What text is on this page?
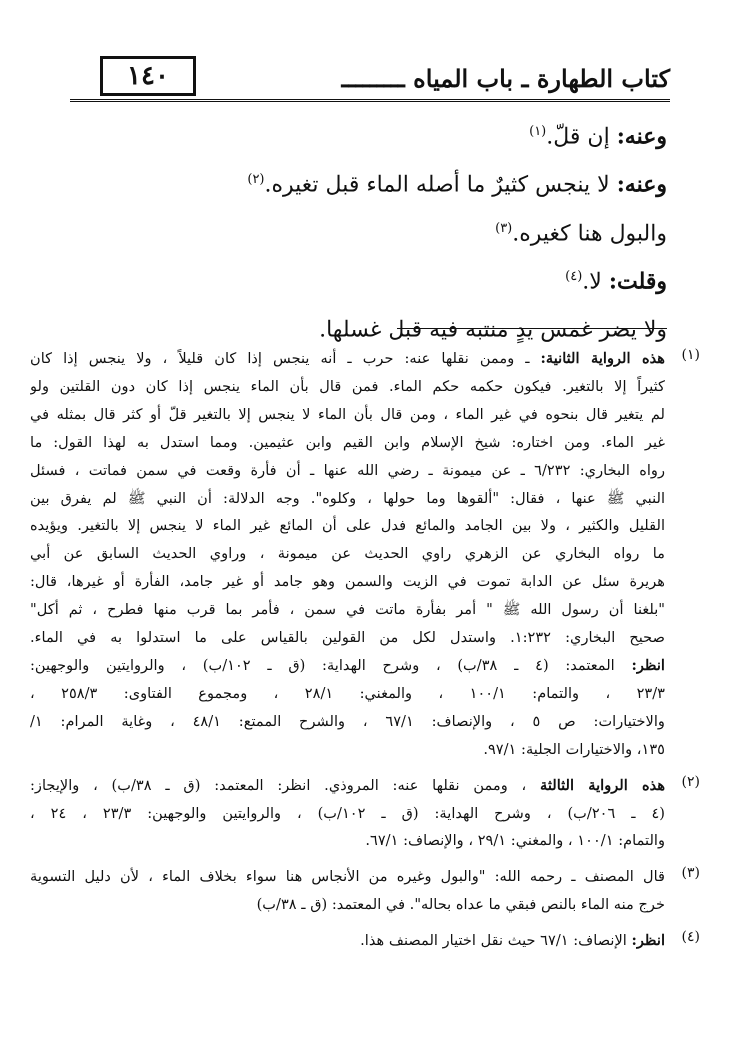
١٤٠	كتاب الطهارة ـ باب المياه ـــــــــ
وعنه: إن قلّ.$^{(١)}$
وعنه: لا ينجس كثيرٌ ما أصله الماء قبل تغيره.$^{(٢)}$
والبول هنا كغيره.$^{(٣)}$
وقلت: لا.$^{(٤)}$
ولا يضر غمس يدٍ منتبه فيه قبل غسلها.
(١)
هذه الرواية الثانية: ـ وممن نقلها عنه: حرب ـ أنه ينجس إذا كان قليلاً ، ولا ينجس إذا كان
كثيراً إلا بالتغير. فيكون حكمه حكم الماء. فمن قال بأن الماء ينجس إذا كان دون القلتين ولو
لم يتغير قال بنحوه في غير الماء ، ومن قال بأن الماء لا ينجس إلا بالتغير قلّ أو كثر قال بمثله في
غير الماء. ومن اختاره: شيخ الإسلام وابن القيم وابن عثيمين. ومما استدل به لهذا القول: ما
رواه البخاري: ٦/٢٣٢ ـ عن ميمونة ـ رضي الله عنها ـ أن فأرة وقعت في سمن فماتت ، فسئل
النبي ﷺ عنها ، فقال: "ألقوها وما حولها ، وكلوه". وجه الدلالة: أن النبي ﷺ لم يفرق بين
القليل والكثير ، ولا بين الجامد والمائع فدل على أن المائع غير الماء لا ينجس إلا بالتغير. ويؤيده
ما رواه البخاري عن الزهري راوي الحديث عن ميمونة ، وراوي الحديث السابق عن أبي
هريرة سئل عن الدابة تموت في الزيت والسمن وهو جامد أو غير جامد، الفأرة أو غيرها، قال:
"بلغنا أن رسول الله ﷺ " أمر بفأرة ماتت في سمن ، فأمر بما قرب منها فطرح ، ثم أكل"
صحيح البخاري: ١:٢٣٢. واستدل لكل من القولين بالقياس على ما استدلوا به في الماء.
انظر: المعتمد: (٤ ـ ٣٨/ب) ، وشرح الهداية: (ق ـ ١٠٢/ب) ، والروايتين والوجهين:
٢٣/٣ ، والتمام: ١٠٠/١ ، والمغني: ٢٨/١ ، ومجموع الفتاوى: ٢٥٨/٣ ،
والاختيارات: ص ٥ ، والإنصاف: ٦٧/١ ، والشرح الممتع: ٤٨/١ ، وغاية المرام: ١/
١٣٥، والاختيارات الجلية: ٩٧/١.
(٢)
هذه الرواية الثالثة ، وممن نقلها عنه: المروذي. انظر: المعتمد: (ق ـ ٣٨/ب) ، والإيجاز:
(٤ ـ ٢٠٦/ب) ، وشرح الهداية: (ق ـ ١٠٢/ب) ، والروايتين والوجهين: ٢٣/٣ ، ٢٤ ،
والتمام: ١٠٠/١ ، والمغني: ٢٩/١ ، والإنصاف: ٦٧/١.
(٣)
قال المصنف ـ رحمه الله: "والبول وغيره من الأنجاس هنا سواء بخلاف الماء ، لأن دليل التسوية
خرج منه الماء بالنص فبقي ما عداه بحاله". في المعتمد: (ق ـ ٣٨/ب)
(٤)
انظر: الإنصاف: ٦٧/١ حيث نقل اختيار المصنف هذا.
